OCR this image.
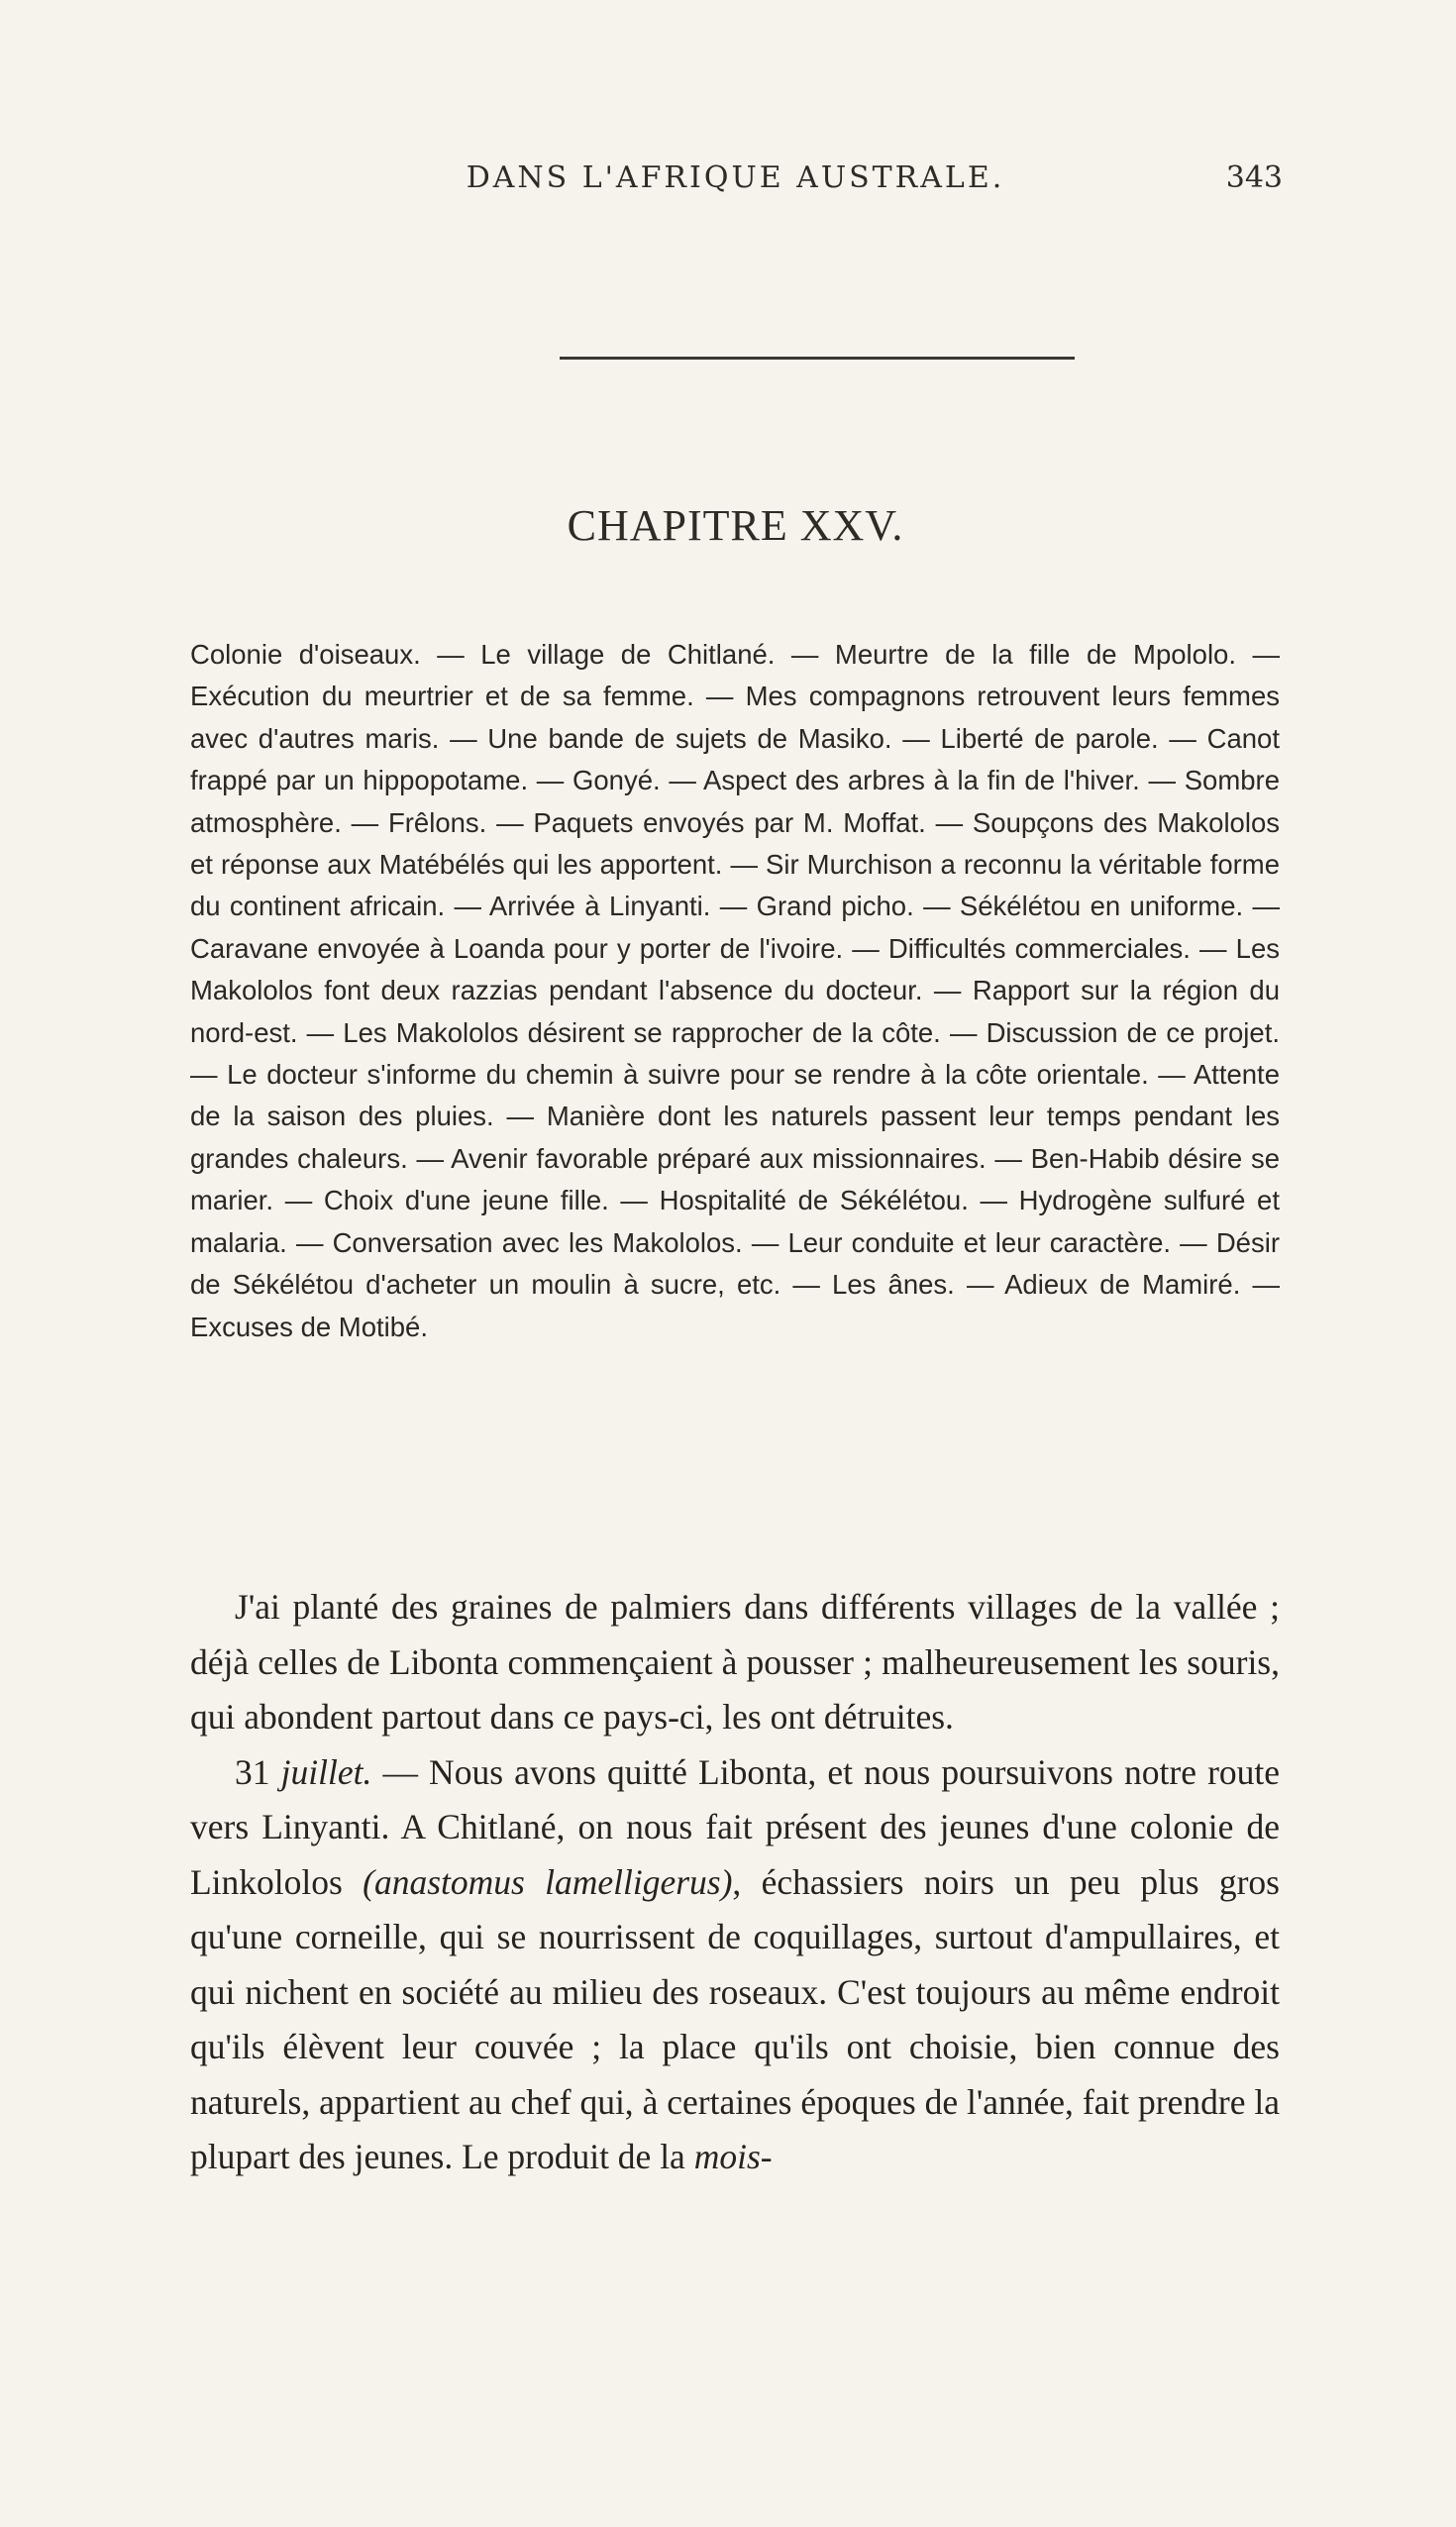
DANS L'AFRIQUE AUSTRALE.	343
CHAPITRE XXV.
Colonie d'oiseaux. — Le village de Chitlané. — Meurtre de la fille de Mpololo. — Exécution du meurtrier et de sa femme. — Mes compagnons retrouvent leurs femmes avec d'autres maris. — Une bande de sujets de Masiko. — Liberté de parole. — Canot frappé par un hippopotame. — Gonyé. — Aspect des arbres à la fin de l'hiver. — Sombre atmosphère. — Frêlons. — Paquets envoyés par M. Moffat. — Soupçons des Makololos et réponse aux Matébélés qui les apportent. — Sir Murchison a reconnu la véritable forme du continent africain. — Arrivée à Linyanti. — Grand picho. — Sékélétou en uniforme. — Caravane envoyée à Loanda pour y porter de l'ivoire. — Difficultés commerciales. — Les Makololos font deux razzias pendant l'absence du docteur. — Rapport sur la région du nord-est. — Les Makololos désirent se rapprocher de la côte. — Discussion de ce projet. — Le docteur s'informe du chemin à suivre pour se rendre à la côte orientale. — Attente de la saison des pluies. — Manière dont les naturels passent leur temps pendant les grandes chaleurs. — Avenir favorable préparé aux missionnaires. — Ben-Habib désire se marier. — Choix d'une jeune fille. — Hospitalité de Sékélétou. — Hydrogène sulfuré et malaria. — Conversation avec les Makololos. — Leur conduite et leur caractère. — Désir de Sékélétou d'acheter un moulin à sucre, etc. — Les ânes. — Adieux de Mamiré. — Excuses de Motibé.

J'ai planté des graines de palmiers dans différents villages de la vallée ; déjà celles de Libonta commençaient à pousser ; malheureusement les souris, qui abondent partout dans ce pays-ci, les ont détruites.

31 juillet. — Nous avons quitté Libonta, et nous poursuivons notre route vers Linyanti. A Chitlané, on nous fait présent des jeunes d'une colonie de Linkololos (anastomus lamelligerus), échassiers noirs un peu plus gros qu'une corneille, qui se nourrissent de coquillages, surtout d'ampullaires, et qui nichent en société au milieu des roseaux. C'est toujours au même endroit qu'ils élèvent leur couvée ; la place qu'ils ont choisie, bien connue des naturels, appartient au chef qui, à certaines époques de l'année, fait prendre la plupart des jeunes. Le produit de la mois-
